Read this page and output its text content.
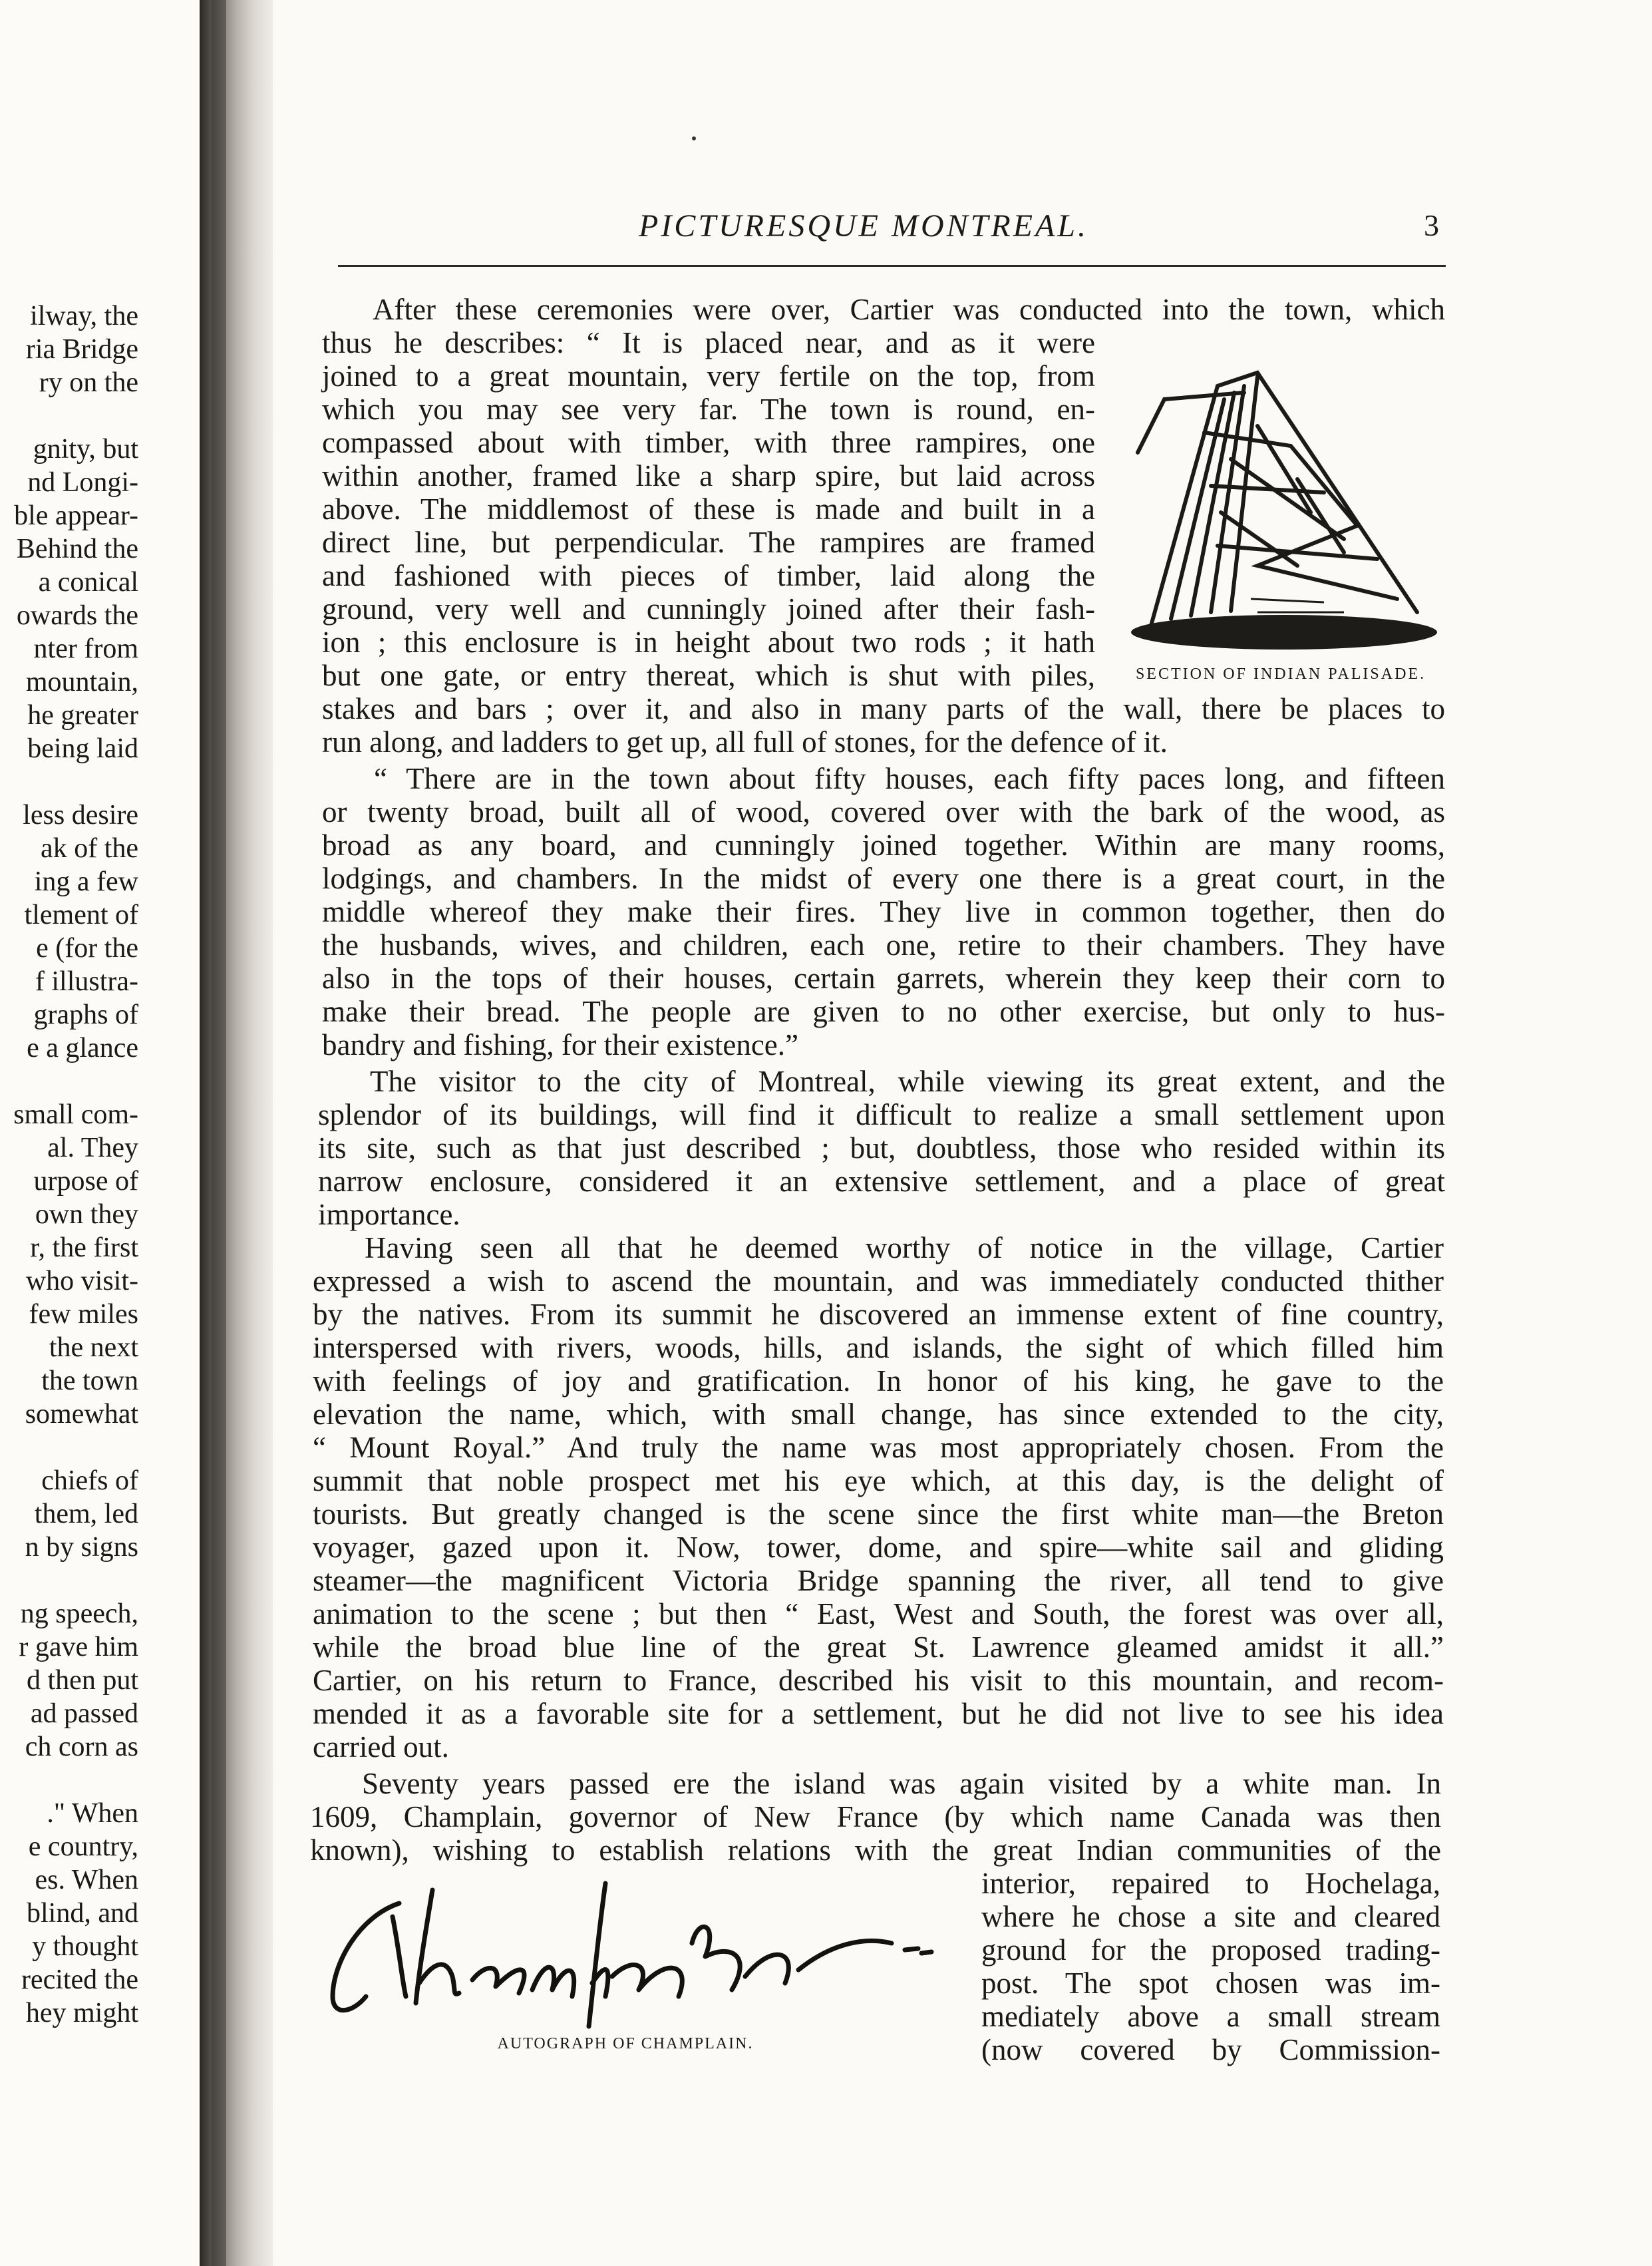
ilway, the
ria Bridge
ry on the
gnity, but
nd Longi-
ble appear-
Behind the
a conical
owards the
nter from
mountain,
he greater
being laid
less desire
ak of the
ing a few
tlement of
e (for the
f illustra-
graphs of
e a glance
small com-
al. They
urpose of
own they
r, the first
who visit-
few miles
the next
the town
somewhat
chiefs of
them, led
n by signs
ng speech,
r gave him
d then put
ad passed
ch corn as
." When
e country,
es. When
blind, and
y thought
recited the
hey might
PICTURESQUE MONTREAL.	3
After these ceremonies were over, Cartier was conducted into the town, which
thus he describes: “ It is placed near, and as it were
joined to a great mountain, very fertile on the top, from
which you may see very far. The town is round, en-
compassed about with timber, with three rampires, one
within another, framed like a sharp spire, but laid across
above. The middlemost of these is made and built in a
direct line, but perpendicular. The rampires are framed
and fashioned with pieces of timber, laid along the
ground, very well and cunningly joined after their fash-
ion ; this enclosure is in height about two rods ; it hath
but one gate, or entry thereat, which is shut with piles,	SECTION OF INDIAN PALISADE.
stakes and bars ; over it, and also in many parts of the wall, there be places to
run along, and ladders to get up, all full of stones, for the defence of it.
“ There are in the town about fifty houses, each fifty paces long, and fifteen
or twenty broad, built all of wood, covered over with the bark of the wood, as
broad as any board, and cunningly joined together. Within are many rooms,
lodgings, and chambers. In the midst of every one there is a great court, in the
middle whereof they make their fires. They live in common together, then do
the husbands, wives, and children, each one, retire to their chambers. They have
also in the tops of their houses, certain garrets, wherein they keep their corn to
make their bread. The people are given to no other exercise, but only to hus-
bandry and fishing, for their existence.”
The visitor to the city of Montreal, while viewing its great extent, and the
splendor of its buildings, will find it difficult to realize a small settlement upon
its site, such as that just described ; but, doubtless, those who resided within its
narrow enclosure, considered it an extensive settlement, and a place of great
importance.
Having seen all that he deemed worthy of notice in the village, Cartier
expressed a wish to ascend the mountain, and was immediately conducted thither
by the natives. From its summit he discovered an immense extent of fine country,
interspersed with rivers, woods, hills, and islands, the sight of which filled him
with feelings of joy and gratification. In honor of his king, he gave to the
elevation the name, which, with small change, has since extended to the city,
“ Mount Royal.” And truly the name was most appropriately chosen. From the
summit that noble prospect met his eye which, at this day, is the delight of
tourists. But greatly changed is the scene since the first white man—the Breton
voyager, gazed upon it. Now, tower, dome, and spire—white sail and gliding
steamer—the magnificent Victoria Bridge spanning the river, all tend to give
animation to the scene ; but then “ East, West and South, the forest was over all,
while the broad blue line of the great St. Lawrence gleamed amidst it all.”
Cartier, on his return to France, described his visit to this mountain, and recom-
mended it as a favorable site for a settlement, but he did not live to see his idea
carried out.
Seventy years passed ere the island was again visited by a white man. In
1609, Champlain, governor of New France (by which name Canada was then
known), wishing to establish relations with the great Indian communities of the
interior, repaired to Hochelaga,
where he chose a site and cleared
ground for the proposed trading-
post. The spot chosen was im-
mediately above a small stream
(now covered by Commission-
AUTOGRAPH OF CHAMPLAIN.
